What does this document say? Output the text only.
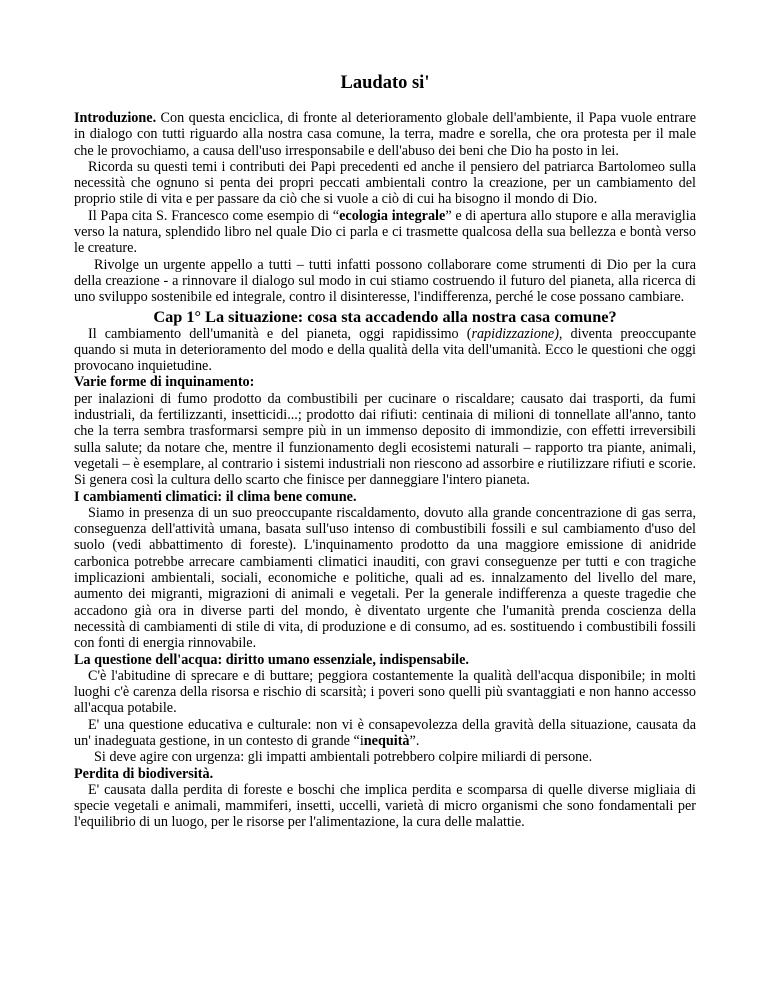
Laudato si'

Introduzione. Con questa enciclica, di fronte al deterioramento globale dell'ambiente, il Papa vuole entrare in dialogo con tutti riguardo alla nostra casa comune, la terra, madre e sorella, che ora protesta per il male che le provochiamo, a causa dell'uso irresponsabile e dell'abuso dei beni che Dio ha posto in lei.

Ricorda su questi temi i contributi dei Papi precedenti ed anche il pensiero del patriarca Bartolomeo sulla necessità che ognuno si penta dei propri peccati ambientali contro la creazione, per un cambiamento del proprio stile di vita e per passare da ciò che si vuole a ciò di cui ha bisogno il mondo di Dio.

Il Papa cita S. Francesco come esempio di “ecologia integrale” e di apertura allo stupore e alla meraviglia verso la natura, splendido libro nel quale Dio ci parla e ci trasmette qualcosa della sua bellezza e bontà verso le creature.

Rivolge un urgente appello a tutti – tutti infatti possono collaborare come strumenti di Dio per la cura della creazione - a rinnovare il dialogo sul modo in cui stiamo costruendo il futuro del pianeta, alla ricerca di uno sviluppo sostenibile ed integrale, contro il disinteresse, l'indifferenza, perché le cose possano cambiare.

Cap 1° La situazione: cosa sta accadendo alla nostra casa comune?

Il cambiamento dell'umanità e del pianeta, oggi rapidissimo (rapidizzazione), diventa preoccupante quando si muta in deterioramento del modo e della qualità della vita dell'umanità. Ecco le questioni che oggi provocano inquietudine.

Varie forme di inquinamento:

per inalazioni di fumo prodotto da combustibili per cucinare o riscaldare; causato dai trasporti, da fumi industriali, da fertilizzanti, insetticidi...; prodotto dai rifiuti: centinaia di milioni di tonnellate all'anno, tanto che la terra sembra trasformarsi sempre più in un immenso deposito di immondizie, con effetti irreversibili sulla salute; da notare che, mentre il funzionamento degli ecosistemi naturali – rapporto tra piante, animali, vegetali – è esemplare, al contrario i sistemi industriali non riescono ad assorbire e riutilizzare rifiuti e scorie. Si genera così la cultura dello scarto che finisce per danneggiare l'intero pianeta.

I cambiamenti climatici: il clima bene comune.

Siamo in presenza di un suo preoccupante riscaldamento, dovuto alla grande concentrazione di gas serra, conseguenza dell'attività umana, basata sull'uso intenso di combustibili fossili e sul cambiamento d'uso del suolo (vedi abbattimento di foreste). L'inquinamento prodotto da una maggiore emissione di anidride carbonica potrebbe arrecare cambiamenti climatici inauditi, con gravi conseguenze per tutti e con tragiche implicazioni ambientali, sociali, economiche e politiche, quali ad es. innalzamento del livello del mare, aumento dei migranti, migrazioni di animali e vegetali. Per la generale indifferenza a queste tragedie che accadono già ora in diverse parti del mondo, è diventato urgente che l'umanità prenda coscienza della necessità di cambiamenti di stile di vita, di produzione e di consumo, ad es. sostituendo i combustibili fossili con fonti di energia rinnovabile.

La questione dell'acqua: diritto umano essenziale, indispensabile.

C'è l'abitudine di sprecare e di buttare; peggiora costantemente la qualità dell'acqua disponibile; in molti luoghi c'è carenza della risorsa e rischio di scarsità; i poveri sono quelli più svantaggiati e non hanno accesso all'acqua potabile.

E' una questione educativa e culturale: non vi è consapevolezza della gravità della situazione, causata da un' inadeguata gestione, in un contesto di grande “inequità”.

Si deve agire con urgenza: gli impatti ambientali potrebbero colpire miliardi di persone.

Perdita di biodiversità.

E' causata dalla perdita di foreste e boschi che implica perdita e scomparsa di quelle diverse migliaia di specie vegetali e animali, mammiferi, insetti, uccelli, varietà di micro organismi che sono fondamentali per l'equilibrio di un luogo, per le risorse per l'alimentazione, la cura delle malattie.
